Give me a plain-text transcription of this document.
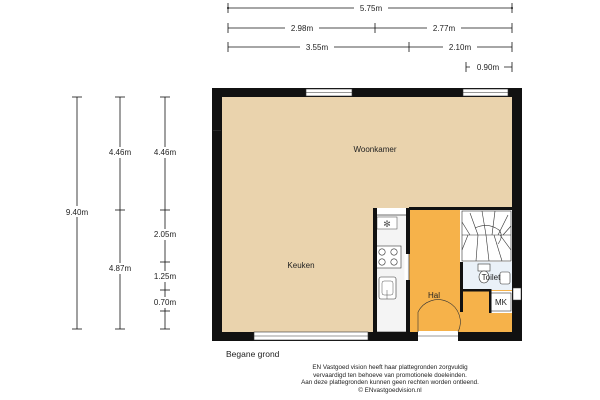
5.75m
2.98m	2.77m
3.55m	2.10m
0.90m
9.40m
4.46m
4.87m
4.46m
2.05m
1.25m
0.70m
✻
Woonkamer
Keuken
Hal
Toilet
MK
Begane grond
EN Vastgoed vision heeft haar plattegronden zorgvuldig
vervaardigd ten behoeve van promotionele doeleinden.
Aan deze plattegronden kunnen geen rechten worden ontleend.
© ENvastgoedvision.nl
